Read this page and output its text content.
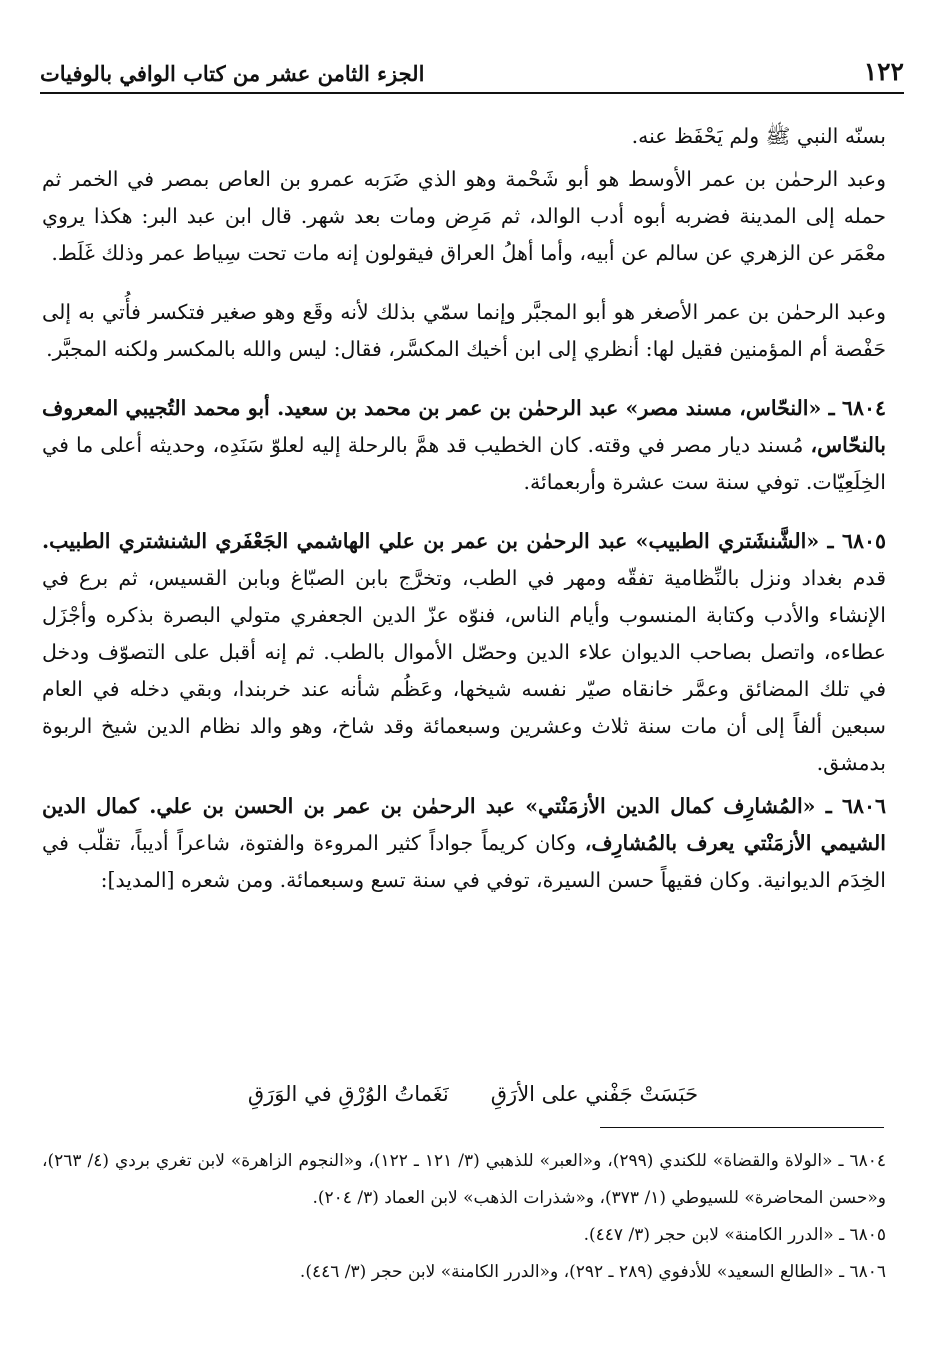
١٢٢
الجزء الثامن عشر من كتاب الوافي بالوفيات

بسنّه النبي ﷺ ولم يَحْفَظ عنه.

وعبد الرحمٰن بن عمر الأوسط هو أبو شَحْمة وهو الذي ضَرَبه عمرو بن العاص بمصر في الخمر ثم حمله إلى المدينة فضربه أبوه أدب الوالد، ثم مَرِض ومات بعد شهر. قال ابن عبد البر: هكذا يروي معْمَر عن الزهري عن سالم عن أبيه، وأما أهلُ العراق فيقولون إنه مات تحت سِياط عمر وذلك غَلَط.

وعبد الرحمٰن بن عمر الأصغر هو أبو المجبَّر وإنما سمّي بذلك لأنه وقَع وهو صغير فتكسر فأُتي به إلى حَفْصة أم المؤمنين فقيل لها: أنظري إلى ابن أخيك المكسَّر، فقال: ليس والله بالمكسر ولكنه المجبَّر.

٦٨٠٤ ـ «النحّاس، مسند مصر» عبد الرحمٰن بن عمر بن محمد بن سعيد. أبو محمد التُجيبي المعروف بالنحّاس، مُسند ديار مصر في وقته. كان الخطيب قد همَّ بالرحلة إليه لعلوّ سَنَدِه، وحديثه أعلى ما في الخِلَعِيّات. توفي سنة ست عشرة وأربعمائة.

٦٨٠٥ ـ «الشَّنشَتري الطبيب» عبد الرحمٰن بن عمر بن علي الهاشمي الجَعْفَري الشنشتري الطبيب. قدم بغداد ونزل بالنِّظامية تفقّه ومهر في الطب، وتخرَّج بابن الصبّاغ وبابن القسيس، ثم برع في الإنشاء والأدب وكتابة المنسوب وأيام الناس، فنوّه عزّ الدين الجعفري متولي البصرة بذكره وأجْزَل عطاءه، واتصل بصاحب الديوان علاء الدين وحصّل الأموال بالطب. ثم إنه أقبل على التصوّف ودخل في تلك المضائق وعمَّر خانقاه صيّر نفسه شيخها، وعَظُم شأنه عند خربندا، وبقي دخله في العام سبعين ألفاً إلى أن مات سنة ثلاث وعشرين وسبعمائة وقد شاخ، وهو والد نظام الدين شيخ الربوة بدمشق.

٦٨٠٦ ـ «المُشارِف كمال الدين الأزمَنْتي» عبد الرحمٰن بن عمر بن الحسن بن علي. كمال الدين الشيمي الأزمَنْتي يعرف بالمُشارِف، وكان كريماً جواداً كثير المروءة والفتوة، شاعراً أديباً، تقلّب في الخِدَم الديوانية. وكان فقيهاً حسن السيرة، توفي في سنة تسع وسبعمائة. ومن شعره [المديد]:

حَبَسَتْ جَفْني على الأرَقِ
نَغَماتُ الوُرْقِ في الوَرَقِ

٦٨٠٤ ـ «الولاة والقضاة» للكندي (٢٩٩)، و«العبر» للذهبي (٣/ ١٢١ ـ ١٢٢)، و«النجوم الزاهرة» لابن تغري بردي (٤/ ٢٦٣)، و«حسن المحاضرة» للسيوطي (١/ ٣٧٣)، و«شذرات الذهب» لابن العماد (٣/ ٢٠٤).

٦٨٠٥ ـ «الدرر الكامنة» لابن حجر (٣/ ٤٤٧).

٦٨٠٦ ـ «الطالع السعيد» للأدفوي (٢٨٩ ـ ٢٩٢)، و«الدرر الكامنة» لابن حجر (٣/ ٤٤٦).
